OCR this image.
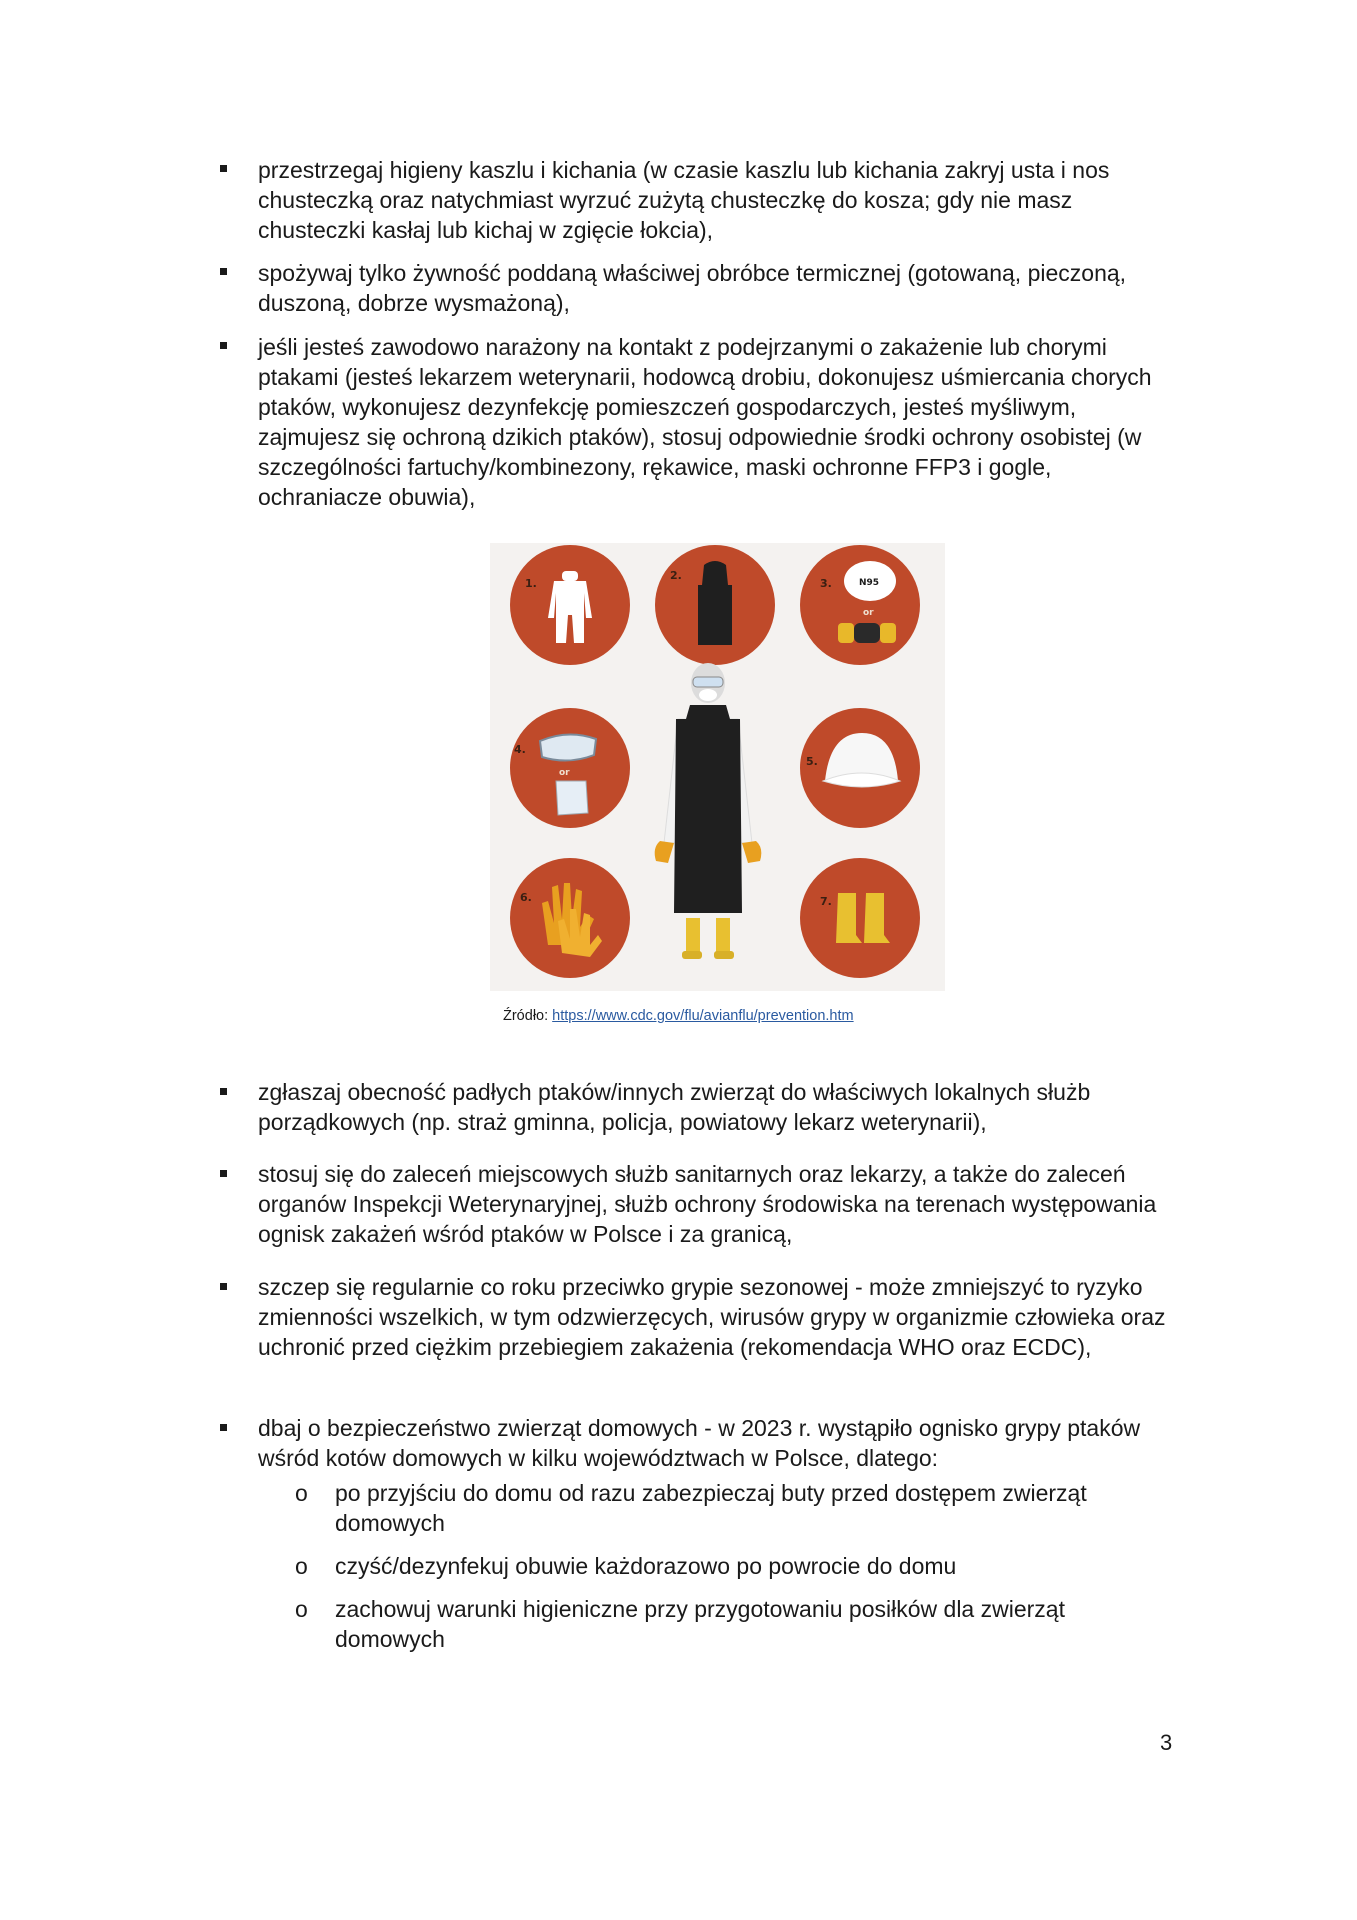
przestrzegaj higieny kaszlu i kichania (w czasie kaszlu lub kichania zakryj usta i nos chusteczką oraz natychmiast wyrzuć zużytą chusteczkę do kosza; gdy nie masz chusteczki kasłaj lub kichaj w zgięcie łokcia),
spożywaj tylko żywność poddaną właściwej obróbce termicznej (gotowaną, pieczoną, duszoną, dobrze wysmażoną),
jeśli jesteś zawodowo narażony na kontakt z podejrzanymi o zakażenie lub chorymi ptakami (jesteś lekarzem weterynarii, hodowcą drobiu, dokonujesz uśmiercania chorych ptaków, wykonujesz dezynfekcję pomieszczeń gospodarczych, jesteś myśliwym, zajmujesz się ochroną dzikich ptaków), stosuj odpowiednie środki ochrony osobistej (w szczególności fartuchy/kombinezony, rękawice, maski ochronne FFP3 i gogle, ochraniacze obuwia),
1.
2.
N95
or
3.
or
4.
5.
6.	7.
Źródło: https://www.cdc.gov/flu/avianflu/prevention.htm
zgłaszaj obecność padłych ptaków/innych zwierząt do właściwych lokalnych służb porządkowych (np. straż gminna, policja, powiatowy lekarz weterynarii),
stosuj się do zaleceń miejscowych służb sanitarnych oraz lekarzy, a także do zaleceń organów Inspekcji Weterynaryjnej, służb ochrony środowiska na terenach występowania ognisk zakażeń wśród ptaków w Polsce i za granicą,
szczep się regularnie co roku przeciwko grypie sezonowej - może zmniejszyć to ryzyko zmienności wszelkich, w tym odzwierzęcych, wirusów grypy w organizmie człowieka oraz uchronić przed ciężkim przebiegiem zakażenia (rekomendacja WHO oraz ECDC),
dbaj o bezpieczeństwo zwierząt domowych - w 2023 r. wystąpiło ognisko grypy ptaków wśród kotów domowych w kilku województwach w Polsce, dlatego:
o po przyjściu do domu od razu zabezpieczaj buty przed dostępem zwierząt domowych
o czyść/dezynfekuj obuwie każdorazowo po powrocie do domu
o zachowuj warunki higieniczne przy przygotowaniu posiłków dla zwierząt domowych
3
